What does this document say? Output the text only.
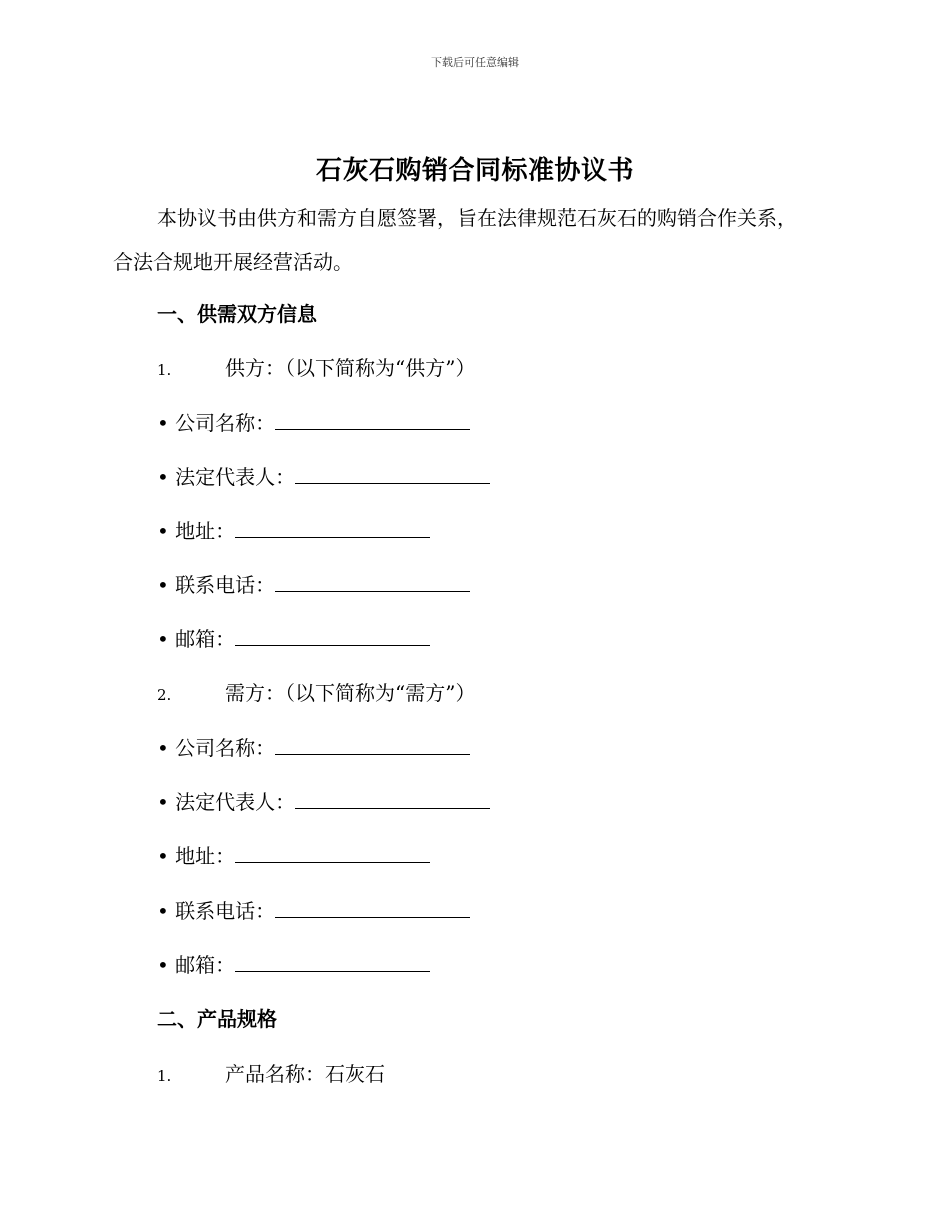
下载后可任意编辑
石灰石购销合同标准协议书

本协议书由供方和需方自愿签署，旨在法律规范石灰石的购销合作关系，合法合规地开展经营活动。

一、供需双方信息
1.	供方：（以下简称为“供方”）
• 公司名称：
• 法定代表人：
• 地址：
• 联系电话：
• 邮箱：
2.	需方：（以下简称为“需方”）
• 公司名称：
• 法定代表人：
• 地址：
• 联系电话：
• 邮箱：
二、产品规格
1.	产品名称：石灰石
